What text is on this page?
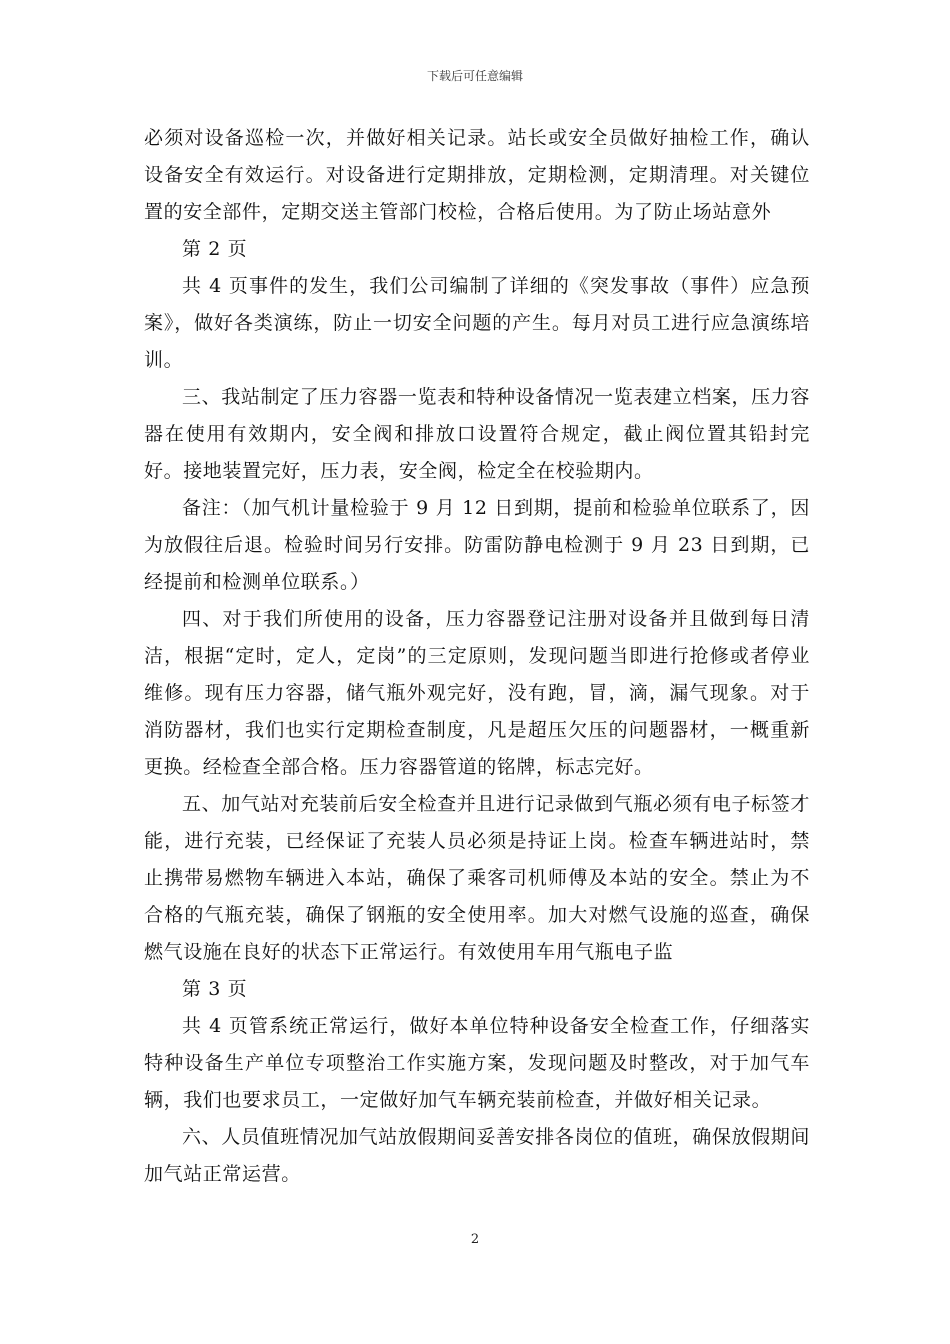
下载后可任意编辑

必须对设备巡检一次，并做好相关记录。站长或安全员做好抽检工作，确认设备安全有效运行。对设备进行定期排放，定期检测，定期清理。对关键位置的安全部件，定期交送主管部门校检，合格后使用。为了防止场站意外

第 2 页

共 4 页事件的发生，我们公司编制了详细的《突发事故（事件）应急预案》，做好各类演练，防止一切安全问题的产生。每月对员工进行应急演练培训。

三、我站制定了压力容器一览表和特种设备情况一览表建立档案，压力容器在使用有效期内，安全阀和排放口设置符合规定，截止阀位置其铅封完好。接地装置完好，压力表，安全阀，检定全在校验期内。

备注：（加气机计量检验于 9 月 12 日到期，提前和检验单位联系了，因为放假往后退。检验时间另行安排。防雷防静电检测于 9 月 23 日到期，已经提前和检测单位联系。）

四、对于我们所使用的设备，压力容器登记注册对设备并且做到每日清洁，根据“定时，定人，定岗”的三定原则，发现问题当即进行抢修或者停业维修。现有压力容器，储气瓶外观完好，没有跑，冒，滴，漏气现象。对于消防器材，我们也实行定期检查制度，凡是超压欠压的问题器材，一概重新更换。经检查全部合格。压力容器管道的铭牌，标志完好。

五、加气站对充装前后安全检查并且进行记录做到气瓶必须有电子标签才能，进行充装，已经保证了充装人员必须是持证上岗。检查车辆进站时，禁止携带易燃物车辆进入本站，确保了乘客司机师傅及本站的安全。禁止为不合格的气瓶充装，确保了钢瓶的安全使用率。加大对燃气设施的巡查，确保燃气设施在良好的状态下正常运行。有效使用车用气瓶电子监

第 3 页

共 4 页管系统正常运行，做好本单位特种设备安全检查工作，仔细落实特种设备生产单位专项整治工作实施方案，发现问题及时整改，对于加气车辆，我们也要求员工，一定做好加气车辆充装前检查，并做好相关记录。

六、人员值班情况加气站放假期间妥善安排各岗位的值班，确保放假期间加气站正常运营。

2
